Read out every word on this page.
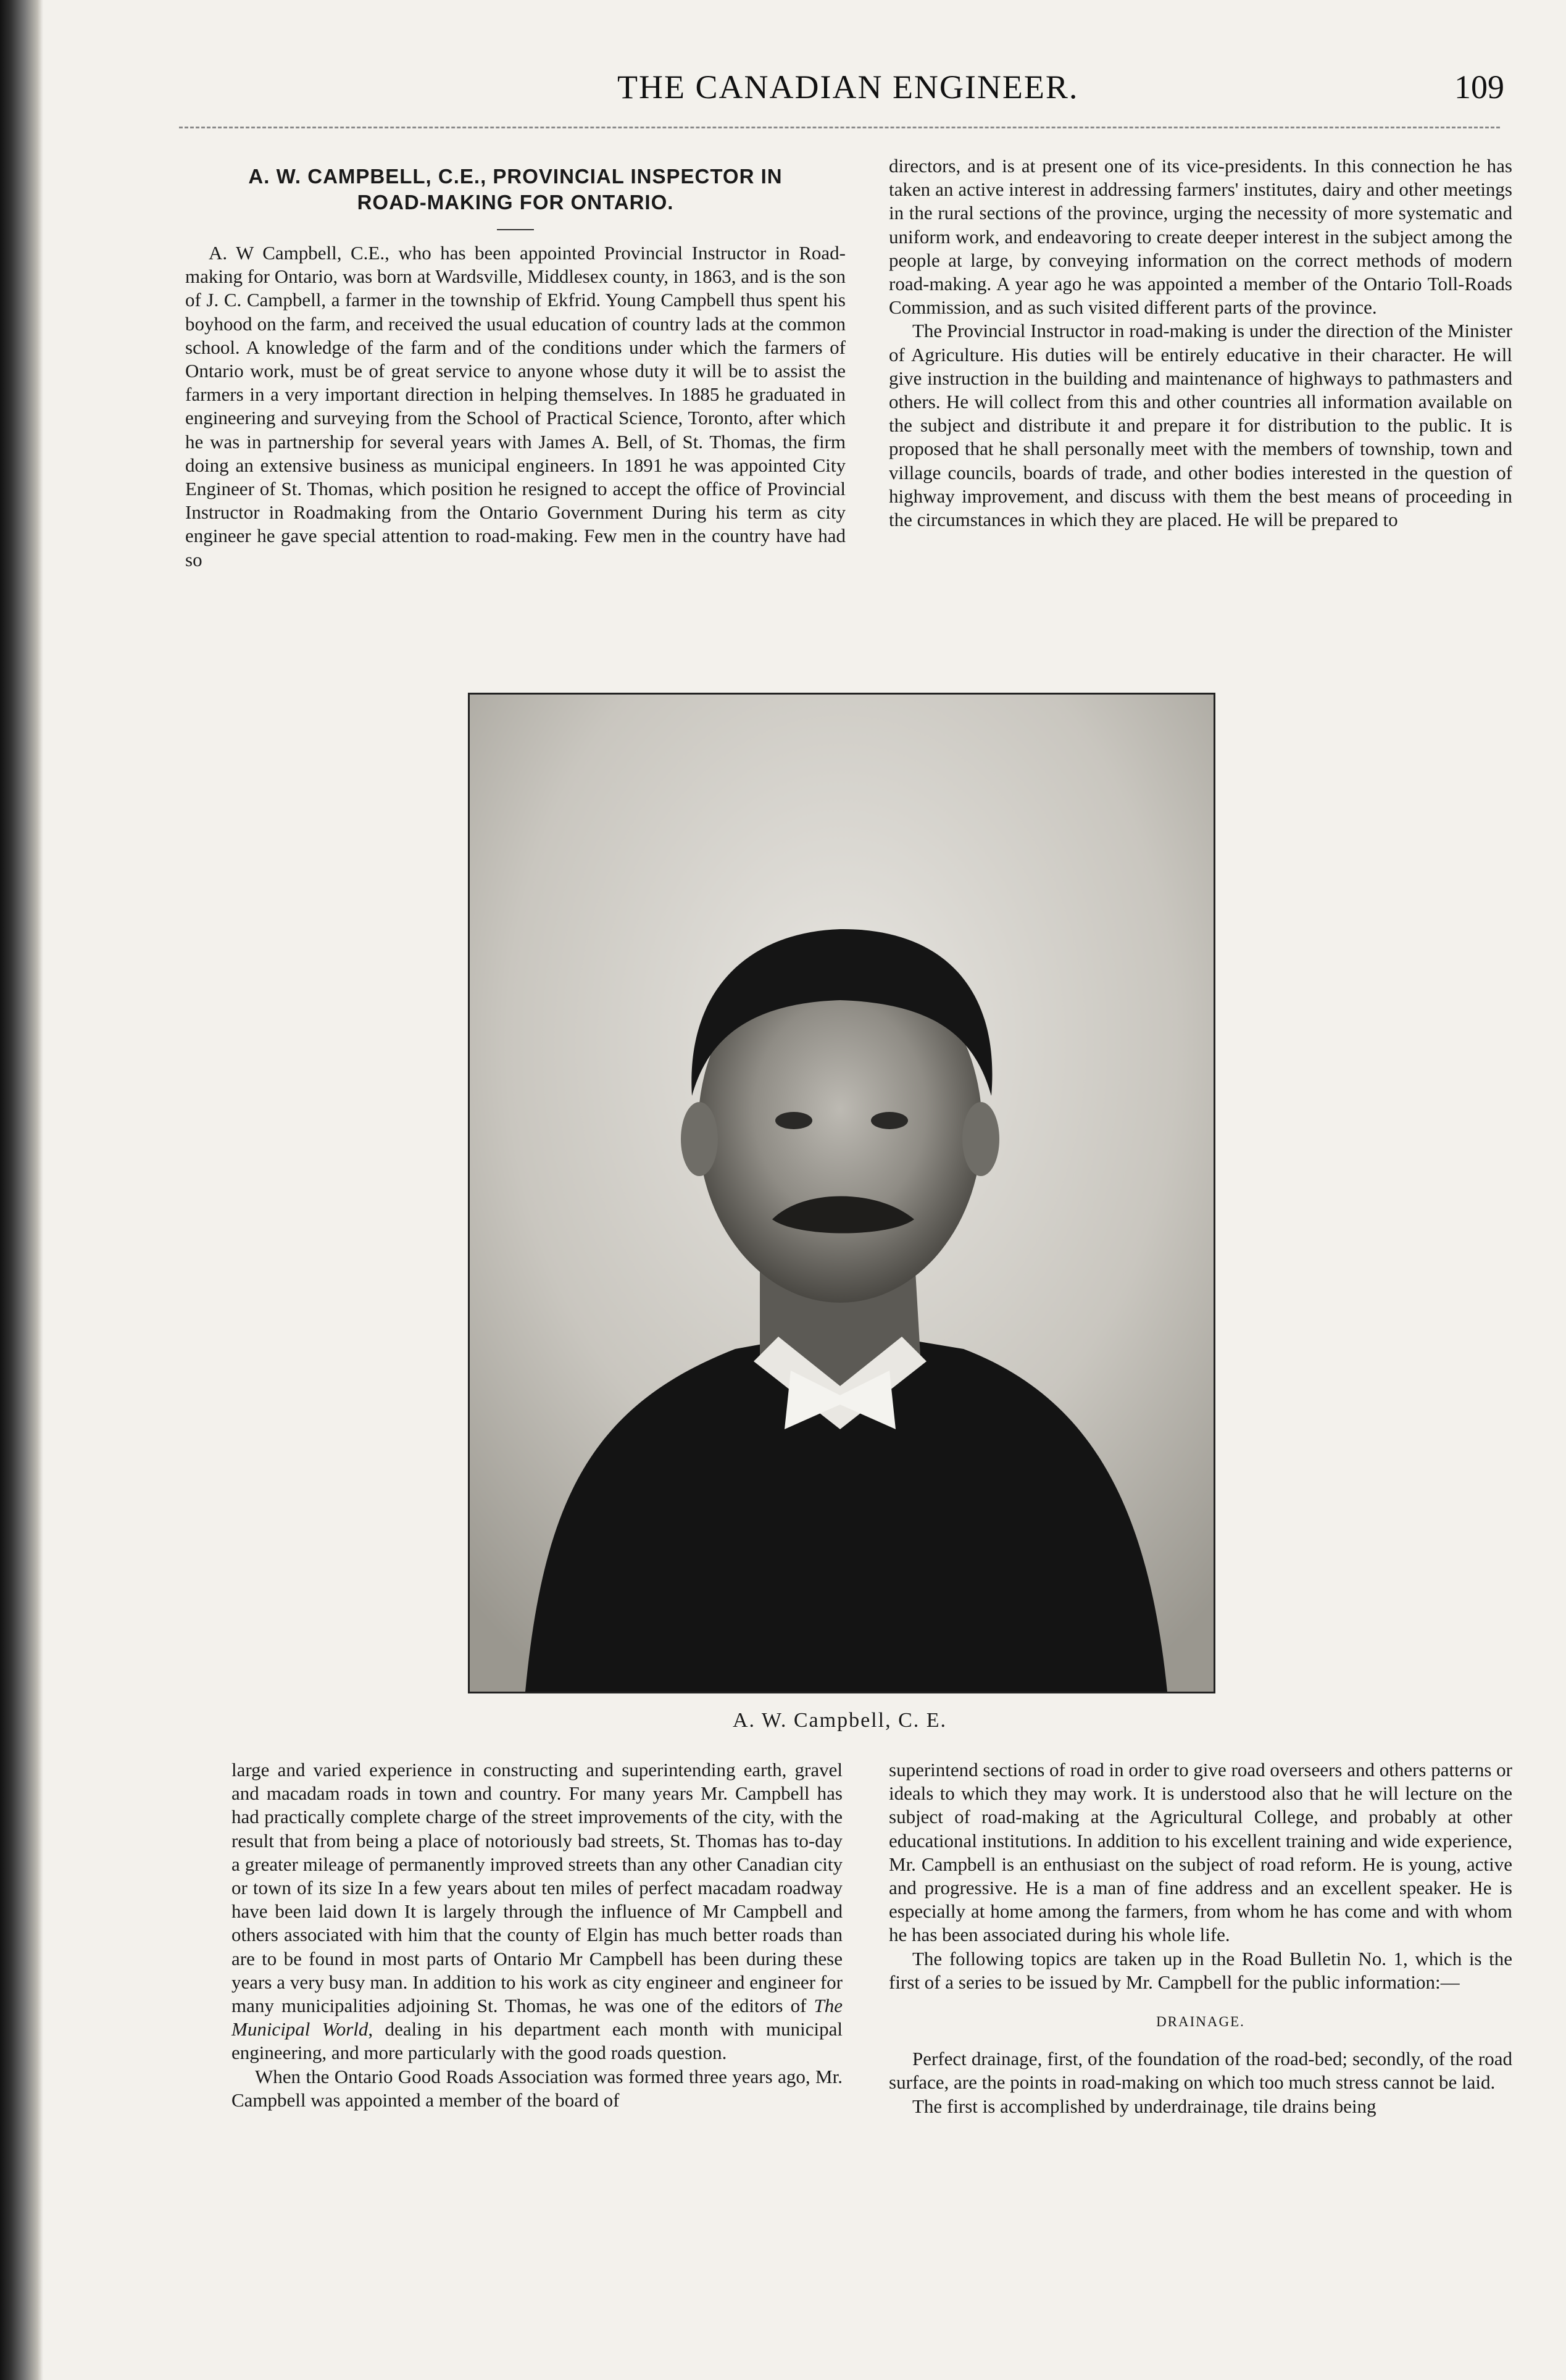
THE CANADIAN ENGINEER.	109
A. W. CAMPBELL, C.E., PROVINCIAL INSPECTOR IN
ROAD-MAKING FOR ONTARIO.

A. W Campbell, C.E., who has been appointed Provincial Instructor in Road-making for Ontario, was born at Wardsville, Middlesex county, in 1863, and is the son of J. C. Campbell, a farmer in the township of Ekfrid. Young Campbell thus spent his boyhood on the farm, and received the usual education of country lads at the common school. A knowledge of the farm and of the conditions under which the farmers of Ontario work, must be of great service to anyone whose duty it will be to assist the farmers in a very important direction in helping themselves. In 1885 he graduated in engineering and surveying from the School of Practical Science, Toronto, after which he was in partnership for several years with James A. Bell, of St. Thomas, the firm doing an extensive business as municipal engineers. In 1891 he was appointed City Engineer of St. Thomas, which position he resigned to accept the office of Provincial Instructor in Roadmaking from the Ontario Government During his term as city engineer he gave special attention to road-making. Few men in the country have had so

directors, and is at present one of its vice-presidents. In this connection he has taken an active interest in addressing farmers' institutes, dairy and other meetings in the rural sections of the province, urging the necessity of more systematic and uniform work, and endeavoring to create deeper interest in the subject among the people at large, by conveying information on the correct methods of modern road-making. A year ago he was appointed a member of the Ontario Toll-Roads Commission, and as such visited different parts of the province.

The Provincial Instructor in road-making is under the direction of the Minister of Agriculture. His duties will be entirely educative in their character. He will give instruction in the building and maintenance of highways to pathmasters and others. He will collect from this and other countries all information available on the subject and distribute it and prepare it for distribution to the public. It is proposed that he shall personally meet with the members of township, town and village councils, boards of trade, and other bodies interested in the question of highway improvement, and discuss with them the best means of proceeding in the circumstances in which they are placed. He will be prepared to

A. W. Campbell, C. E.

large and varied experience in constructing and superintending earth, gravel and macadam roads in town and country. For many years Mr. Campbell has had practically complete charge of the street improvements of the city, with the result that from being a place of notoriously bad streets, St. Thomas has to-day a greater mileage of permanently improved streets than any other Canadian city or town of its size In a few years about ten miles of perfect macadam roadway have been laid down It is largely through the influence of Mr Campbell and others associated with him that the county of Elgin has much better roads than are to be found in most parts of Ontario Mr Campbell has been during these years a very busy man. In addition to his work as city engineer and engineer for many municipalities adjoining St. Thomas, he was one of the editors of The Municipal World, dealing in his department each month with municipal engineering, and more particularly with the good roads question.

When the Ontario Good Roads Association was formed three years ago, Mr. Campbell was appointed a member of the board of

superintend sections of road in order to give road overseers and others patterns or ideals to which they may work. It is understood also that he will lecture on the subject of road-making at the Agricultural College, and probably at other educational institutions. In addition to his excellent training and wide experience, Mr. Campbell is an enthusiast on the subject of road reform. He is young, active and progressive. He is a man of fine address and an excellent speaker. He is especially at home among the farmers, from whom he has come and with whom he has been associated during his whole life.

The following topics are taken up in the Road Bulletin No. 1, which is the first of a series to be issued by Mr. Campbell for the public information:—

DRAINAGE.

Perfect drainage, first, of the foundation of the road-bed; secondly, of the road surface, are the points in road-making on which too much stress cannot be laid.

The first is accomplished by underdrainage, tile drains being
